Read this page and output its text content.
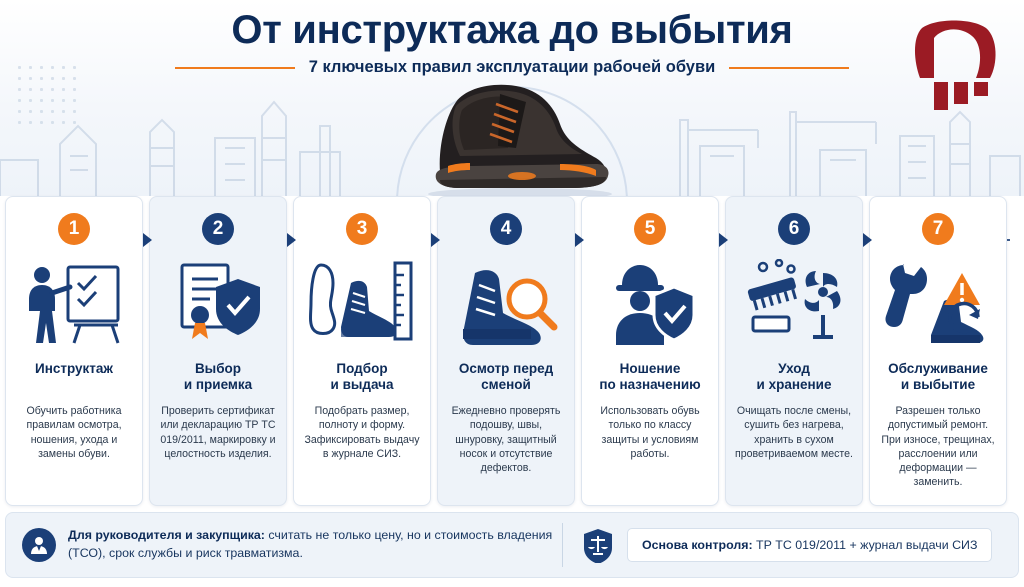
От инструктажа до выбытия
7 ключевых правил эксплуатации рабочей обуви
1
Инструктаж
Обучить работника правилам осмотра, ношения, ухода и замены обуви.
2
Выбор
и приемка
Проверить сертификат или декларацию ТР ТС 019/2011, маркировку и целостность изделия.
3
Подбор
и выдача
Подобрать размер, полноту и форму. Зафиксировать выдачу в журнале СИЗ.
4
Осмотр перед сменой
Ежедневно проверять подошву, швы, шнуровку, защитный носок и отсутствие дефектов.
5
Ношение
по назначению
Использовать обувь только по классу защиты и условиям работы.
6
Уход
и хранение
Очищать после смены, сушить без нагрева, хранить в сухом проветриваемом месте.
7
Обслуживание
и выбытие
Разрешен только допустимый ремонт. При износе, трещинах, расслоении или деформации — заменить.
Для руководителя и закупщика: считать не только цену, но и стоимость владения (ТСО), срок службы и риск травматизма.
Основа контроля: ТР ТС 019/2011 + журнал выдачи СИЗ
